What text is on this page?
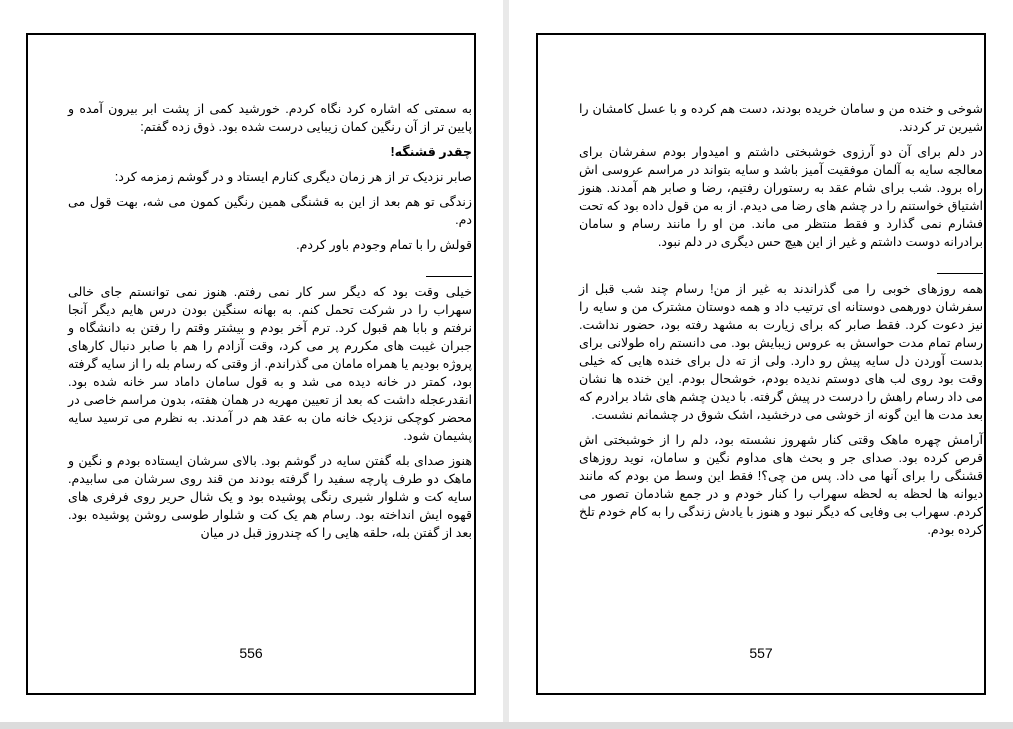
به سمتی که اشاره کرد نگاه کردم. خورشید کمی از پشت ابر بیرون آمده و پایین تر از آن رنگین کمان زیبایی درست شده بود. ذوق زده گفتم:

چقدر قشنگه!

صابر نزدیک تر از هر زمان دیگری کنارم ایستاد و در گوشم زمزمه کرد:

زندگی تو هم بعد از این به قشنگی همین رنگین کمون می شه، بهت قول می دم.

قولش را با تمام وجودم باور کردم.

خیلی وقت بود که دیگر سر کار نمی رفتم. هنوز نمی توانستم جای خالی سهراب را در شرکت تحمل کنم. به بهانه سنگین بودن درس هایم دیگر آنجا نرفتم و بابا هم قبول کرد. ترم آخر بودم و بیشتر وقتم را رفتن به دانشگاه و جبران غیبت های مکررم پر می کرد، وقت آزادم را هم با صابر دنبال کارهای پروژه بودیم یا همراه مامان می گذراندم. از وقتی که رسام بله را از سایه گرفته بود، کمتر در خانه دیده می شد و به قول سامان داماد سر خانه شده بود. انقدرعجله داشت که بعد از تعیین مهریه در همان هفته، بدون مراسم خاصی در محضر کوچکی نزدیک خانه مان به عقد هم در آمدند. به نظرم می ترسید سایه پشیمان شود.

هنوز صدای بله گفتن سایه در گوشم بود. بالای سرشان ایستاده بودم و نگین و ماهک دو طرف پارچه سفید را گرفته بودند من قند روی سرشان می سابیدم. سایه کت و شلوار شیری رنگی پوشیده بود و یک شال حریر روی فرفری های قهوه ایش انداخته بود. رسام هم یک کت و شلوار طوسی روشن پوشیده بود. بعد از گفتن بله، حلقه هایی را که چندروز قبل در میان

556

شوخی و خنده من و سامان خریده بودند، دست هم کرده و با عسل کامشان را شیرین تر کردند.

در دلم برای آن دو آرزوی خوشبختی داشتم و امیدوار بودم سفرشان برای معالجه سایه به آلمان موفقیت آمیز باشد و سایه بتواند در مراسم عروسی اش راه برود. شب برای شام عقد به رستوران رفتیم، رضا و صابر هم آمدند. هنوز اشتیاق خواستنم را در چشم های رضا می دیدم. از به من قول داده بود که تحت فشارم نمی گذارد و فقط منتظر می ماند. من او را مانند رسام و سامان برادرانه دوست داشتم و غیر از این هیچ حس دیگری در دلم نبود.

همه روزهای خوبی را می گذراندند به غیر از من! رسام چند شب قبل از سفرشان دورهمی دوستانه ای ترتیب داد و همه دوستان مشترک من و سایه را نیز دعوت کرد. فقط صابر که برای زیارت به مشهد رفته بود، حضور نداشت. رسام تمام مدت حواسش به عروس زیبایش بود. می دانستم راه طولانی برای بدست آوردن دل سایه پیش رو دارد. ولی از ته دل برای خنده هایی که خیلی وقت بود روی لب های دوستم ندیده بودم، خوشحال بودم. این خنده ها نشان می داد رسام راهش را درست در پیش گرفته. با دیدن چشم های شاد برادرم که بعد مدت ها این گونه از خوشی می درخشید، اشک شوق در چشمانم نشست.

آرامش چهره ماهک وقتی کنار شهروز نشسته بود، دلم را از خوشبختی اش قرص کرده بود. صدای جر و بحث های مداوم نگین و سامان، نوید روزهای قشنگی را برای آنها می داد. پس من چی؟! فقط این وسط من بودم که مانند دیوانه ها لحظه به لحظه سهراب را کنار خودم و در جمع شادمان تصور می کردم. سهراب بی وفایی که دیگر نبود و هنوز با یادش زندگی را به کام خودم تلخ کرده بودم.

557
